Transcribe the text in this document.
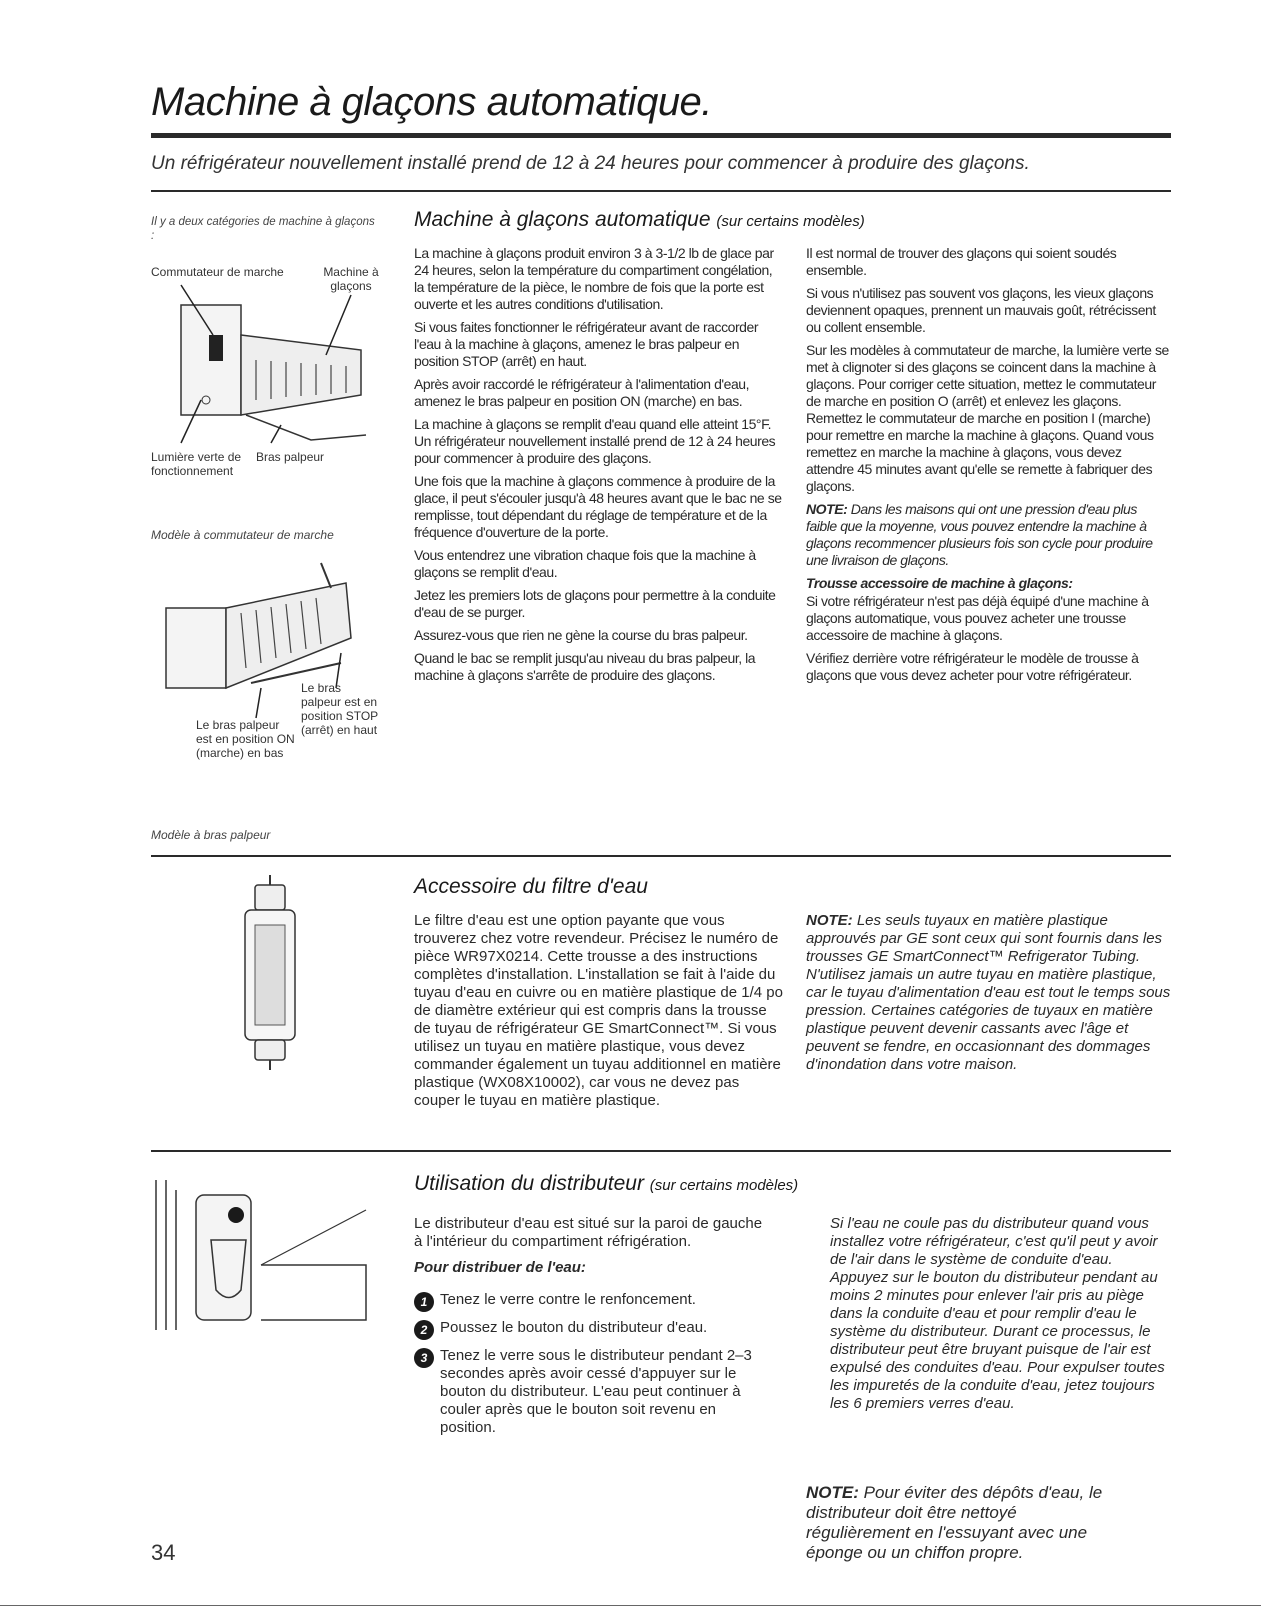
Machine à glaçons automatique.
Un réfrigérateur nouvellement installé prend de 12 à 24 heures pour commencer à produire des glaçons.
Il y a deux catégories de machine à glaçons :
Commutateur de marche	Machine à glaçons
Lumière verte de fonctionnement
Bras palpeur
Modèle à commutateur de marche
Le bras palpeur est en position STOP (arrêt) en haut
Le bras palpeur est en position ON (marche) en bas
Modèle à bras palpeur
Machine à glaçons automatique (sur certains modèles)

La machine à glaçons produit environ 3 à 3-1/2 lb de glace par 24 heures, selon la température du compartiment congélation, la température de la pièce, le nombre de fois que la porte est ouverte et les autres conditions d'utilisation.

Si vous faites fonctionner le réfrigérateur avant de raccorder l'eau à la machine à glaçons, amenez le bras palpeur en position STOP (arrêt) en haut.

Après avoir raccordé le réfrigérateur à l'alimentation d'eau, amenez le bras palpeur en position ON (marche) en bas.

La machine à glaçons se remplit d'eau quand elle atteint 15°F. Un réfrigérateur nouvellement installé prend de 12 à 24 heures pour commencer à produire des glaçons.

Une fois que la machine à glaçons commence à produire de la glace, il peut s'écouler jusqu'à 48 heures avant que le bac ne se remplisse, tout dépendant du réglage de température et de la fréquence d'ouverture de la porte.

Vous entendrez une vibration chaque fois que la machine à glaçons se remplit d'eau.

Jetez les premiers lots de glaçons pour permettre à la conduite d'eau de se purger.

Assurez-vous que rien ne gène la course du bras palpeur.

Quand le bac se remplit jusqu'au niveau du bras palpeur, la machine à glaçons s'arrête de produire des glaçons.

Il est normal de trouver des glaçons qui soient soudés ensemble.

Si vous n'utilisez pas souvent vos glaçons, les vieux glaçons deviennent opaques, prennent un mauvais goût, rétrécissent ou collent ensemble.

Sur les modèles à commutateur de marche, la lumière verte se met à clignoter si des glaçons se coincent dans la machine à glaçons. Pour corriger cette situation, mettez le commutateur de marche en position O (arrêt) et enlevez les glaçons. Remettez le commutateur de marche en position I (marche) pour remettre en marche la machine à glaçons. Quand vous remettez en marche la machine à glaçons, vous devez attendre 45 minutes avant qu'elle se remette à fabriquer des glaçons.

NOTE: Dans les maisons qui ont une pression d'eau plus faible que la moyenne, vous pouvez entendre la machine à glaçons recommencer plusieurs fois son cycle pour produire une livraison de glaçons.

Trousse accessoire de machine à glaçons:

Si votre réfrigérateur n'est pas déjà équipé d'une machine à glaçons automatique, vous pouvez acheter une trousse accessoire de machine à glaçons.

Vérifiez derrière votre réfrigérateur le modèle de trousse à glaçons que vous devez acheter pour votre réfrigérateur.

Accessoire du filtre d'eau
Le filtre d'eau est une option payante que vous trouverez chez votre revendeur. Précisez le numéro de pièce WR97X0214. Cette trousse a des instructions complètes d'installation. L'installation se fait à l'aide du tuyau d'eau en cuivre ou en matière plastique de 1/4 po de diamètre extérieur qui est compris dans la trousse de tuyau de réfrigérateur GE SmartConnect™. Si vous utilisez un tuyau en matière plastique, vous devez commander également un tuyau additionnel en matière plastique (WX08X10002), car vous ne devez pas couper le tuyau en matière plastique.
NOTE: Les seuls tuyaux en matière plastique approuvés par GE sont ceux qui sont fournis dans les trousses GE SmartConnect™ Refrigerator Tubing. N'utilisez jamais un autre tuyau en matière plastique, car le tuyau d'alimentation d'eau est tout le temps sous pression. Certaines catégories de tuyaux en matière plastique peuvent devenir cassants avec l'âge et peuvent se fendre, en occasionnant des dommages d'inondation dans votre maison.
Utilisation du distributeur (sur certains modèles)

Le distributeur d'eau est situé sur la paroi de gauche à l'intérieur du compartiment réfrigération.

Pour distribuer de l'eau:

1 Tenez le verre contre le renfoncement.
2 Poussez le bouton du distributeur d'eau.
3 Tenez le verre sous le distributeur pendant 2–3 secondes après avoir cessé d'appuyer sur le bouton du distributeur. L'eau peut continuer à couler après que le bouton soit revenu en position.
Si l'eau ne coule pas du distributeur quand vous installez votre réfrigérateur, c'est qu'il peut y avoir de l'air dans le système de conduite d'eau. Appuyez sur le bouton du distributeur pendant au moins 2 minutes pour enlever l'air pris au piège dans la conduite d'eau et pour remplir d'eau le système du distributeur. Durant ce processus, le distributeur peut être bruyant puisque de l'air est expulsé des conduites d'eau. Pour expulser toutes les impuretés de la conduite d'eau, jetez toujours les 6 premiers verres d'eau.
NOTE: Pour éviter des dépôts d'eau, le distributeur doit être nettoyé régulièrement en l'essuyant avec une éponge ou un chiffon propre.
34
